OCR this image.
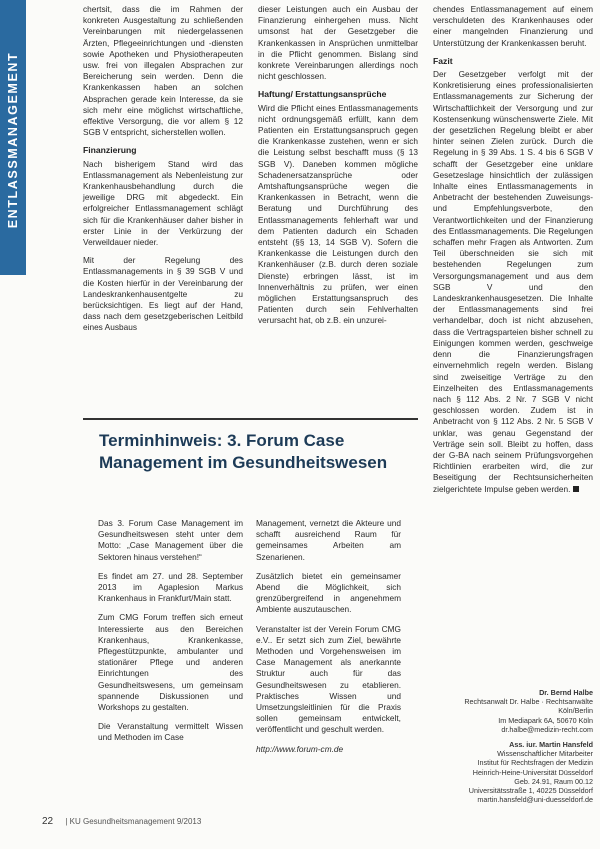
ENTLASSMANAGEMENT

chertsit, dass die im Rahmen der konkreten Ausgestaltung zu schließenden Vereinbarungen mit niedergelassenen Ärzten, Pflegeeinrichtungen und -diensten sowie Apotheken und Physiotherapeuten usw. frei von illegalen Absprachen zur Bereicherung sein werden. Denn die Krankenkassen haben an solchen Absprachen gerade kein Interesse, da sie sich mehr eine möglichst wirtschaftliche, effektive Versorgung, die vor allem § 12 SGB V entspricht, sicherstellen wollen.

Finanzierung

Nach bisherigem Stand wird das Entlassmanagement als Nebenleistung zur Krankenhausbehandlung durch die jeweilige DRG mit abgedeckt. Ein erfolgreicher Entlassmanagement schlägt sich für die Krankenhäuser daher bisher in erster Linie in der Verkürzung der Verweildauer nieder.

Mit der Regelung des Entlassmanagements in § 39 SGB V und die Kosten hierfür in der Vereinbarung der Landeskrankenhausentgelte zu berücksichtigen. Es liegt auf der Hand, dass nach dem gesetzgeberischen Leitbild eines Ausbaus

dieser Leistungen auch ein Ausbau der Finanzierung einhergehen muss. Nicht umsonst hat der Gesetzgeber die Krankenkassen in Ansprüchen unmittelbar in die Pflicht genommen. Bislang sind konkrete Vereinbarungen allerdings noch nicht geschlossen.

Haftung/ Erstattungsansprüche

Wird die Pflicht eines Entlassmanagements nicht ordnungsgemäß erfüllt, kann dem Patienten ein Erstattungsanspruch gegen die Krankenkasse zustehen, wenn er sich die Leistung selbst beschafft muss (§ 13 SGB V). Daneben kommen mögliche Schadenersatzansprüche oder Amtshaftungsansprüche wegen die Krankenkassen in Betracht, wenn die Beratung und Durchführung des Entlassmanagements fehlerhaft war und dem Patienten dadurch ein Schaden entsteht (§§ 13, 14 SGB V). Sofern die Krankenkasse die Leistungen durch den Krankenhäuser (z.B. durch deren soziale Dienste) erbringen lässt, ist im Innenverhältnis zu prüfen, wer einen möglichen Erstattungsanspruch des Patienten durch sein Fehlverhalten verursacht hat, ob z.B. ein unzurei-

chendes Entlassmanagement auf einem verschuldeten des Krankenhauses oder einer mangelnden Finanzierung und Unterstützung der Krankenkassen beruht.

Fazit

Der Gesetzgeber verfolgt mit der Konkretisierung eines professionalisierten Entlassmanagements zur Sicherung der Wirtschaftlichkeit der Versorgung und zur Kostensenkung wünschenswerte Ziele. Mit der gesetzlichen Regelung bleibt er aber hinter seinen Zielen zurück. Durch die Regelung in § 39 Abs. 1 S. 4 bis 6 SGB V schafft der Gesetzgeber eine unklare Gesetzeslage hinsichtlich der zulässigen Inhalte eines Entlassmanagements in Anbetracht der bestehenden Zuweisungs- und Empfehlungsverbote, den Verantwortlichkeiten und der Finanzierung des Entlassmanagements. Die Regelungen schaffen mehr Fragen als Antworten. Zum Teil überschneiden sie sich mit bestehenden Regelungen zum Versorgungsmanagement und aus dem SGB V und den Landeskrankenhausgesetzen. Die Inhalte der Entlassmanagements sind frei verhandelbar, doch ist nicht abzusehen, dass die Vertragsparteien bisher schnell zu Einigungen kommen werden, geschweige denn die Finanzierungsfragen einvernehmlich regeln werden. Bislang sind zweiseitige Verträge zu den Einzelheiten des Entlassmanagements nach § 112 Abs. 2 Nr. 7 SGB V nicht geschlossen worden. Zudem ist in Anbetracht von § 112 Abs. 2 Nr. 5 SGB V unklar, was genau Gegenstand der Verträge sein soll. Bleibt zu hoffen, dass der G-BA nach seinem Prüfungsvorgehen Richtlinien erarbeiten wird, die zur Beseitigung der Rechtsunsicherheiten zielgerichtete Impulse geben werden.

Terminhinweis: 3. Forum Case Management im Gesundheitswesen

Das 3. Forum Case Management im Gesundheitswesen steht unter dem Motto: „Case Management über die Sektoren hinaus verstehen!“

Es findet am 27. und 28. September 2013 im Agaplesion Markus Krankenhaus in Frankfurt/Main statt.

Zum CMG Forum treffen sich erneut Interessierte aus den Bereichen Krankenhaus, Krankenkasse, Pflegestützpunkte, ambulanter und stationärer Pflege und anderen Einrichtungen des Gesundheitswesens, um gemeinsam spannende Diskussionen und Workshops zu gestalten.

Die Veranstaltung vermittelt Wissen und Methoden im Case

Management, vernetzt die Akteure und schafft ausreichend Raum für gemeinsames Arbeiten am Szenarienen.

Zusätzlich bietet ein gemeinsamer Abend die Möglichkeit, sich grenzübergreifend in angenehmem Ambiente auszutauschen.

Veranstalter ist der Verein Forum CMG e.V.. Er setzt sich zum Ziel, bewährte Methoden und Vorgehensweisen im Case Management als anerkannte Struktur auch für das Gesundheitswesen zu etablieren. Praktisches Wissen und Umsetzungsleitlinien für die Praxis sollen gemeinsam entwickelt, veröffentlicht und geschult werden.

http://www.forum-cm.de

Dr. Bernd Halbe
Rechtsanwalt Dr. Halbe · Rechtsanwälte
Köln/Berlin
Im Mediapark 6A, 50670 Köln
dr.halbe@medizin-recht.com

Ass. iur. Martin Hansfeld
Wissenschaftlicher Mitarbeiter
Institut für Rechtsfragen der Medizin
Heinrich-Heine-Universität Düsseldorf
Geb. 24.91, Raum 00.12
Universitätsstraße 1, 40225 Düsseldorf
martin.hansfeld@uni-duesseldorf.de

22 | KU Gesundheitsmanagement 9/2013
